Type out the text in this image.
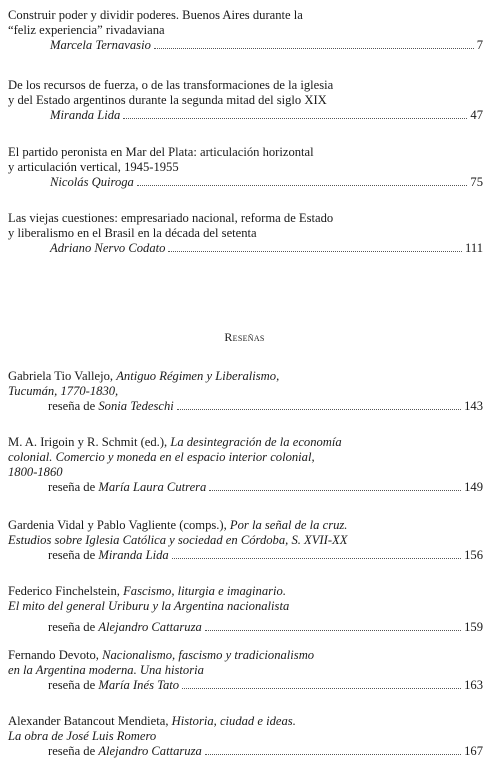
Construir poder y dividir poderes. Buenos Aires durante la
“feliz experiencia” rivadaviana
Marcela Ternavasio	7
De los recursos de fuerza, o de las transformaciones de la iglesia
y del Estado argentinos durante la segunda mitad del siglo XIX
Miranda Lida	47
El partido peronista en Mar del Plata: articulación horizontal
y articulación vertical, 1945-1955
Nicolás Quiroga	75
Las viejas cuestiones: empresariado nacional, reforma de Estado
y liberalismo en el Brasil en la década del setenta
Adriano Nervo Codato	111
Reseñas
Gabriela Tio Vallejo, Antiguo Régimen y Liberalismo,
Tucumán, 1770-1830,
reseña de
Sonia Tedeschi	143
M. A. Irigoin y R. Schmit (ed.), La desintegración de la economía
colonial. Comercio y moneda en el espacio interior colonial,
1800-1860
reseña de
María Laura Cutrera	149
Gardenia Vidal y Pablo Vagliente (comps.), Por la señal de la cruz.
Estudios sobre Iglesia Católica y sociedad en Córdoba, S. XVII-XX
reseña de
Miranda Lida	156
Federico Finchelstein, Fascismo, liturgia e imaginario.
El mito del general Uriburu y la Argentina nacionalista
reseña de
Alejandro Cattaruza	159
Fernando Devoto, Nacionalismo, fascismo y tradicionalismo
en la Argentina moderna. Una historia
reseña de
María Inés Tato	163
Alexander Batancout Mendieta, Historia, ciudad e ideas.
La obra de José Luis Romero
reseña de
Alejandro Cattaruza	167
